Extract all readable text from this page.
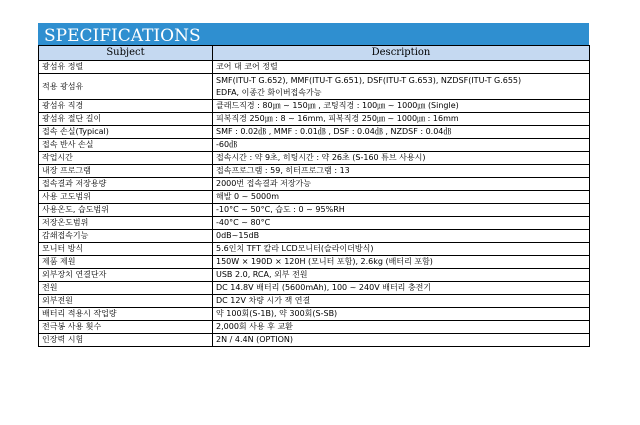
SPECIFICATIONS
Subject	Description
광섬유 정렬	코어 대 코어 정렬

적용 광섬유	SMF(ITU-T G.652), MMF(ITU-T G.651), DSF(ITU-T G.653), NZDSF(ITU-T G.655)
EDFA, 이종간 화이버접속가능

광섬유 직경	클래드직경 : 80㎛ ~ 150㎛ , 코팅직경 : 100㎛ ~ 1000㎛ (Single)

광섬유 절단 길이	피복직경 250㎛ : 8 ~ 16mm, 피복직경 250㎛ ~ 1000㎛ : 16mm

접속 손실(Typical)	SMF : 0.02㏈ , MMF : 0.01㏈ , DSF : 0.04㏈ , NZDSF : 0.04㏈

접속 반사 손실	-60㏈

작업시간	접속시간 : 약 9초, 히팅시간 : 약 26초 (S-160 튜브 사용시)

내장 프로그램	접속프로그램 : 59, 히터프로그램 : 13

접속결과 저장용량	2000번 접속결과 저장가능

사용 고도범위	해발 0 ~ 5000m

사용온도, 습도범위	-10°C ~ 50°C, 습도 : 0 ~ 95%RH

저장온도범위	-40°C ~ 80°C

감쇄접속기능	0dB~15dB

모니터 방식	5.6인치 TFT 칼라 LCD모니터(슬라이더방식)

제품 제원	150W × 190D × 120H (모니터 포함), 2.6kg (배터리 포함)

외부장치 연결단자	USB 2.0, RCA, 외부 전원

전원	DC 14.8V 배터리 (5600mAh), 100 ~ 240V 배터리 충전기

외부전원	DC 12V 차량 시가 잭 연결

배터리 적용시 작업량	약 100회(S-1B), 약 300회(S-SB)

전극봉 사용 횟수	2,000회 사용 후 교환

인장력 시험	2N / 4.4N (OPTION)
